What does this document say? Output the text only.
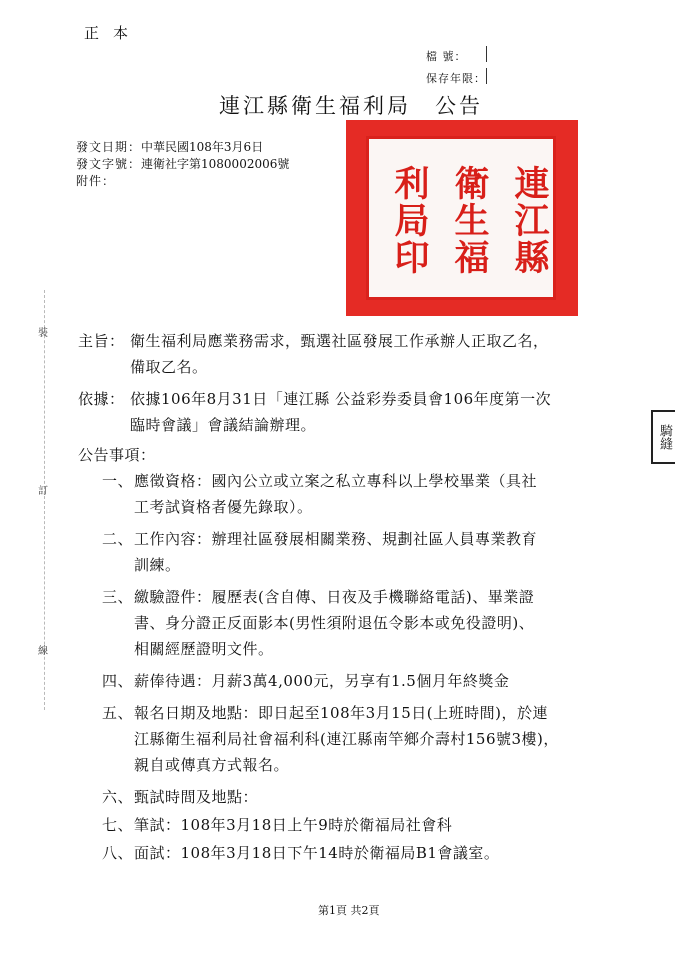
正本
檔 號：
保存年限：
連江縣衛生福利局　公告
發文日期：中華民國108年3月6日
發文字號：連衛社字第1080002006號
附件：	連江縣
衛生福
利局印
裝
訂
線
騎縫
主旨： 衛生福利局應業務需求，甄選社區發展工作承辦人正取乙名，
備取乙名。
依據： 依據106年8月31日「連江縣 公益彩券委員會106年度第一次
臨時會議」會議結論辦理。
公告事項：
一、 應徵資格：國內公立或立案之私立專科以上學校畢業（具社
工考試資格者優先錄取）。
二、 工作內容：辦理社區發展相關業務、規劃社區人員專業教育
訓練。
三、 繳驗證件：履歷表(含自傳、日夜及手機聯絡電話)、畢業證
書、身分證正反面影本(男性須附退伍令影本或免役證明)、
相關經歷證明文件。
四、 薪俸待遇：月薪3萬4,000元，另享有1.5個月年終獎金
五、 報名日期及地點：即日起至108年3月15日(上班時間)，於連
江縣衛生福利局社會福利科(連江縣南竿鄉介壽村156號3樓)，
親自或傳真方式報名。
六、 甄試時間及地點：
七、 筆試：108年3月18日上午9時於衛福局社會科
八、 面試：108年3月18日下午14時於衛福局B1會議室。
第1頁 共2頁
